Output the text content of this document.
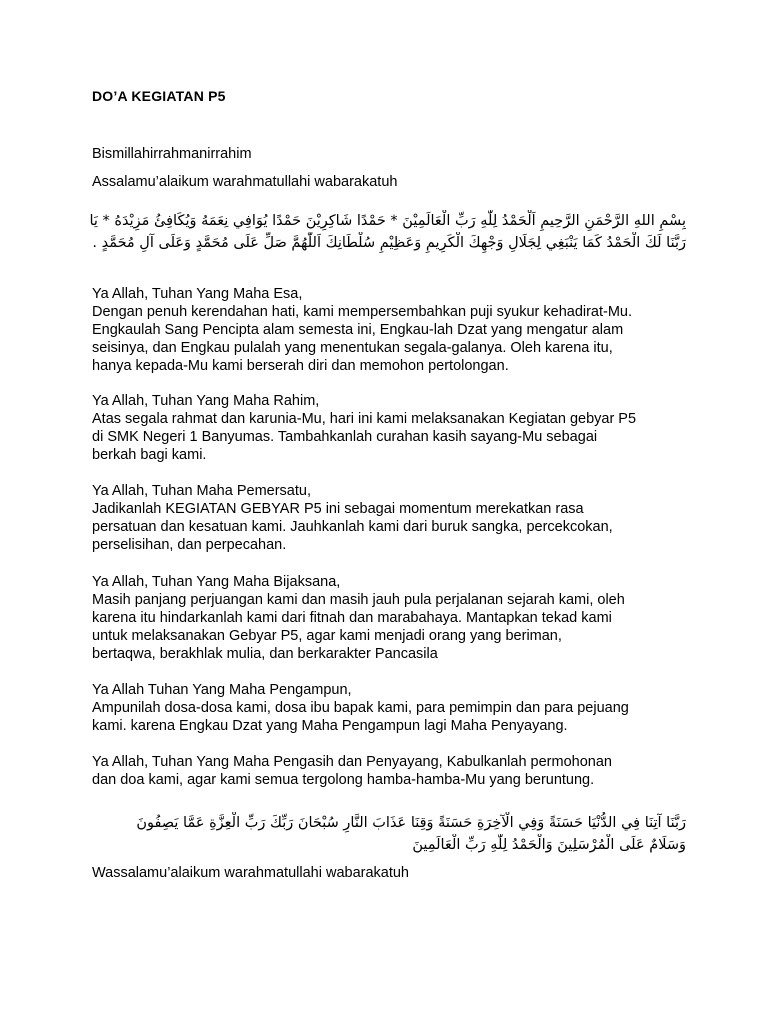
DO’A KEGIATAN P5
Bismillahirrahmanirrahim
Assalamu’alaikum warahmatullahi wabarakatuh
بِسْمِ اللهِ الرَّحْمَنِ الرَّحِيمِ اَلْحَمْدُ لِلّٰهِ رَبِّ الْعَالَمِيْنَ * حَمْدًا شَاكِرِيْنَ حَمْدًا يُوَافِي نِعَمَهُ وَيُكَافِئُ مَزِيْدَهُ * يَا
رَبَّنَا لَكَ الْحَمْدُ كَمَا يَنْبَغِي لِجَلَالِ وَجْهِكَ الْكَرِيمِ وَعَظِيْمِ سُلْطَانِكَ اَللّٰهُمَّ صَلِّ عَلَى مُحَمَّدٍ وَعَلَى آلِ مُحَمَّدٍ .
Ya Allah, Tuhan Yang Maha Esa,
Dengan penuh kerendahan hati, kami mempersembahkan puji syukur kehadirat-Mu.
Engkaulah Sang Pencipta alam semesta ini, Engkau-lah Dzat yang mengatur alam
seisinya, dan Engkau pulalah yang menentukan segala-galanya. Oleh karena itu,
hanya kepada-Mu kami berserah diri dan memohon pertolongan.
Ya Allah, Tuhan Yang Maha Rahim,
Atas segala rahmat dan karunia-Mu, hari ini kami melaksanakan Kegiatan gebyar P5
di SMK Negeri 1 Banyumas. Tambahkanlah curahan kasih sayang-Mu sebagai
berkah bagi kami.
Ya Allah, Tuhan Maha Pemersatu,
Jadikanlah KEGIATAN GEBYAR P5 ini sebagai momentum merekatkan rasa
persatuan dan kesatuan kami. Jauhkanlah kami dari buruk sangka, percekcokan,
perselisihan, dan perpecahan.
Ya Allah, Tuhan Yang Maha Bijaksana,
Masih panjang perjuangan kami dan masih jauh pula perjalanan sejarah kami, oleh
karena itu hindarkanlah kami dari fitnah dan marabahaya. Mantapkan tekad kami
untuk melaksanakan Gebyar P5, agar kami menjadi orang yang beriman,
bertaqwa, berakhlak mulia, dan berkarakter Pancasila
Ya Allah Tuhan Yang Maha Pengampun,
Ampunilah dosa-dosa kami, dosa ibu bapak kami, para pemimpin dan para pejuang
kami. karena Engkau Dzat yang Maha Pengampun lagi Maha Penyayang.
Ya Allah, Tuhan Yang Maha Pengasih dan Penyayang, Kabulkanlah permohonan
dan doa kami, agar kami semua tergolong hamba-hamba-Mu yang beruntung.
رَبَّنَا آتِنَا فِي الدُّنْيَا حَسَنَةً وَفِي الْآخِرَةِ حَسَنَةً وَقِنَا عَذَابَ النَّارِ سُبْحَانَ رَبِّكَ رَبِّ الْعِزَّةِ عَمَّا يَصِفُونَ
وَسَلَامٌ عَلَى الْمُرْسَلِينَ وَالْحَمْدُ لِلّٰهِ رَبِّ الْعَالَمِينَ
Wassalamu’alaikum warahmatullahi wabarakatuh
